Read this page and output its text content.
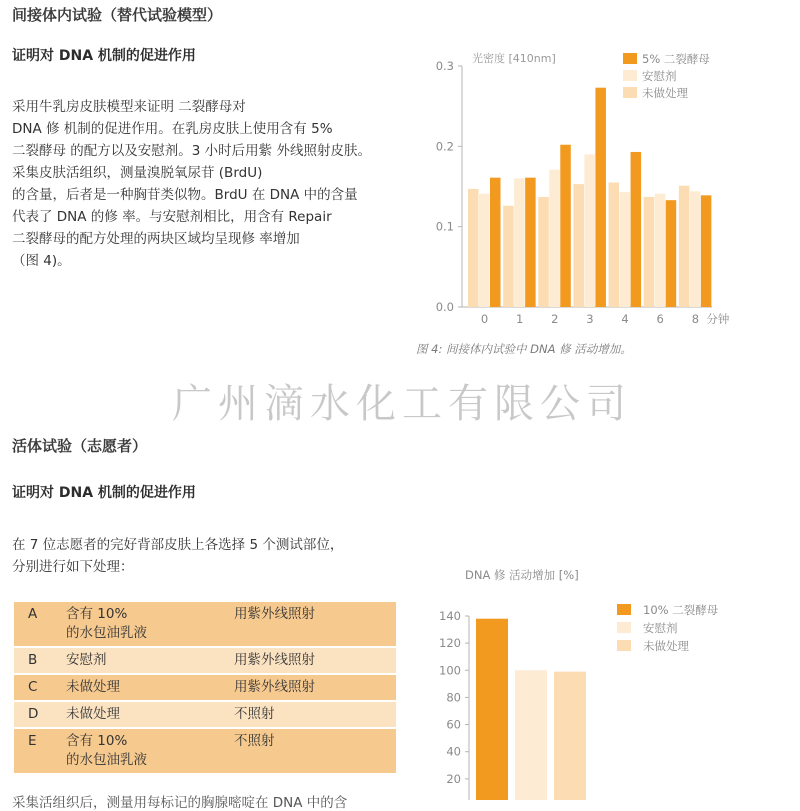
间接体内试验（替代试验模型）
证明对 DNA 机制的促进作用

采用牛乳房皮肤模型来证明 二裂酵母对

DNA 修 机制的促进作用。在乳房皮肤上使用含有 5%

二裂酵母 的配方以及安慰剂。3 小时后用紫 外线照射皮肤。

采集皮肤活组织，测量溴脱氧尿苷 (BrdU)

的含量，后者是一种胸苷类似物。BrdU 在 DNA 中的含量

代表了 DNA 的修 率。与安慰剂相比，用含有 Repair

二裂酵母的配方处理的两块区域均呈现修 率增加

（图 4)。

光密度 [410nm]
0.0
0.1
0.2
0.3
0 1 2 3 4 6 8 分钟
5% 二裂酵母
安慰剂
未做处理
图 4: 间接体内试验中 DNA 修 活动增加。
广州滴水化工有限公司
活体试验（志愿者）
证明对 DNA 机制的促进作用

在 7 位志愿者的完好背部皮肤上各选择 5 个测试部位，

分别进行如下处理：

A	含有 10%
的水包油乳液	用紫外线照射
B	安慰剂	用紫外线照射
C	未做处理	用紫外线照射
D	未做处理	不照射
E	含有 10%
的水包油乳液	不照射
采集活组织后，测量用每标记的胸腺嘧啶在 DNA 中的含
DNA 修 活动增加 [%]
20
40
60
80
100
120
140	10% 二裂酵母
安慰剂
未做处理
